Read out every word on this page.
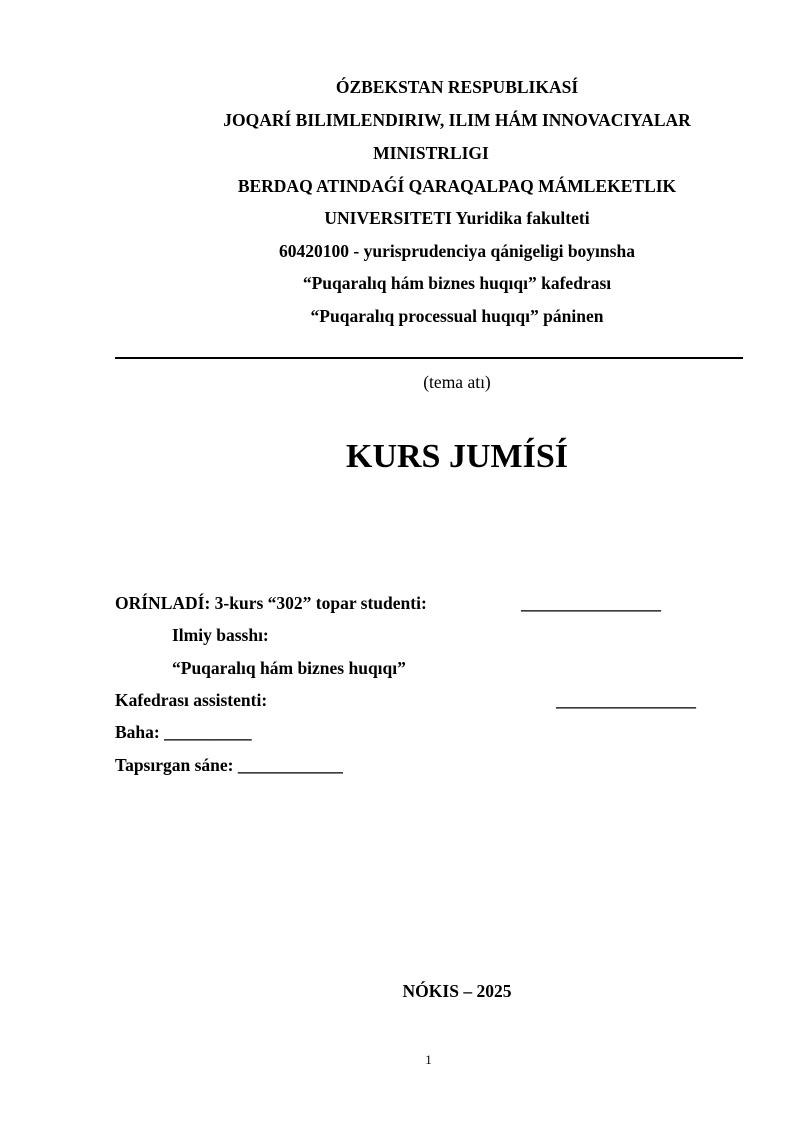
ÓZBEKSTAN RESPUBLIKASÍ
JOQARÍ BILIMLENDIRIW, ILIM HÁM INNOVACIYALAR
MINISTRLIGI
BERDAQ ATINDAǴÍ QARAQALPAQ MÁMLEKETLIK
UNIVERSITETI Yuridika fakulteti
60420100 - yurisprudenciya qánigeligi boyınsha
“Puqaralıq hám biznes huqıqı” kafedrası
“Puqaralıq processual huqıqı” páninen
(tema atı)
KURS JUMÍSÍ
ORÍNLADÍ: 3-kurs “302” topar studenti:	________________
Ilmiy basshı:
“Puqaralıq hám biznes huqıqı”
Kafedrası assistenti:	________________
Baha: __________
Tapsırgan sáne: ____________
NÓKIS – 2025
1
